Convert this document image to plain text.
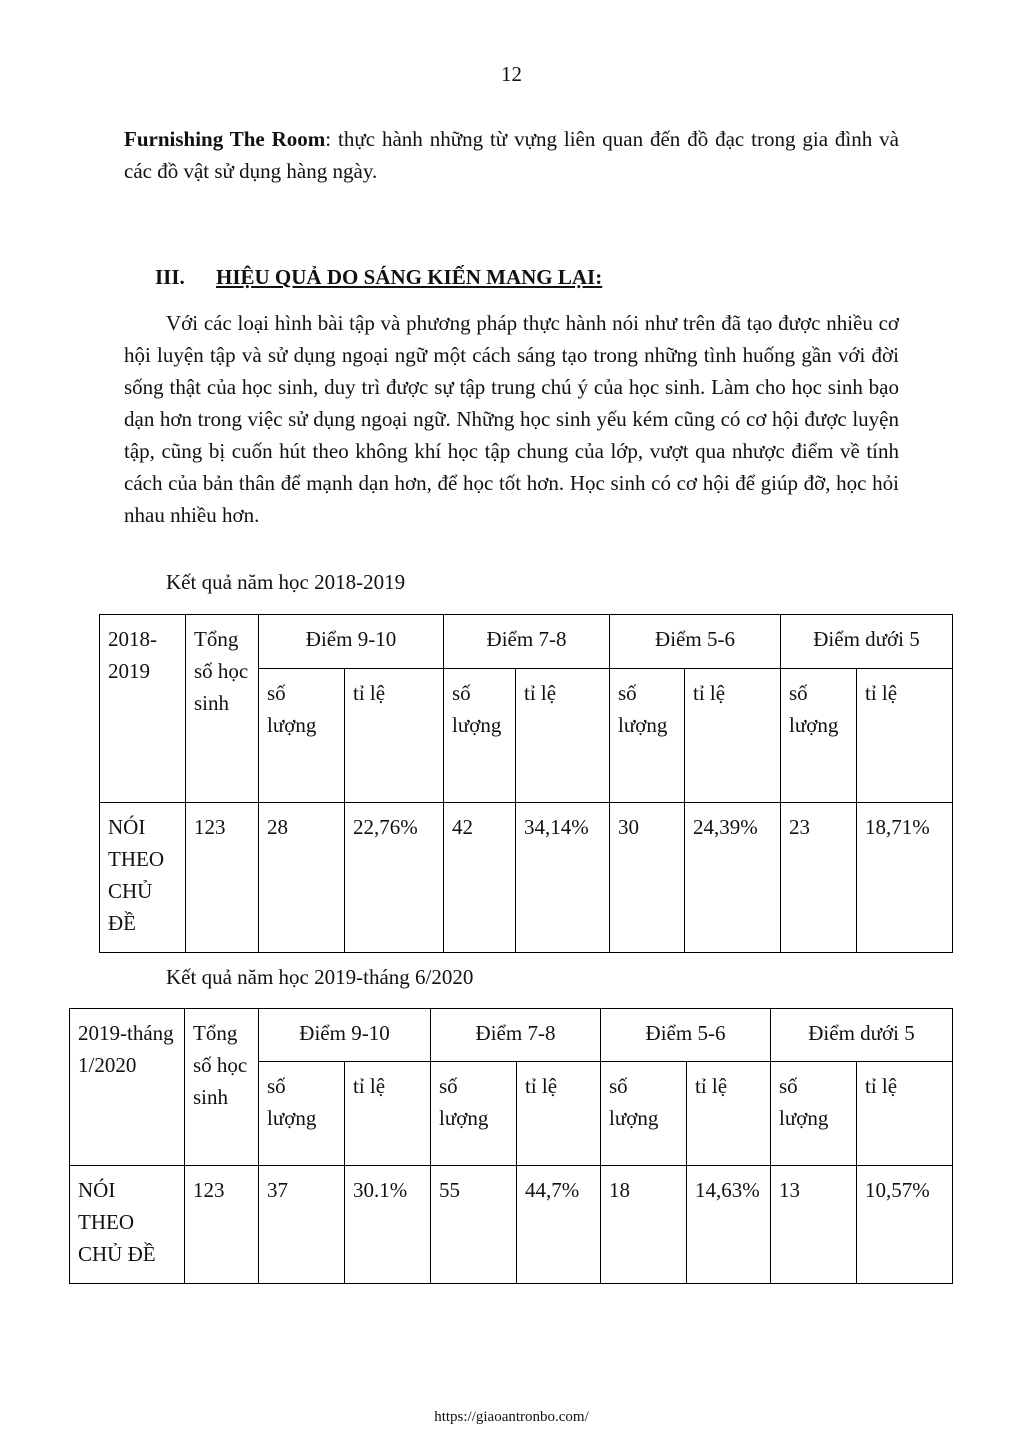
12

Furnishing The Room: thực hành những từ vựng liên quan đến đồ đạc trong gia đình và các đồ vật sử dụng hàng ngày.

III. HIỆU QUẢ DO SÁNG KIẾN MANG LẠI:

Với các loại hình bài tập và phương pháp thực hành nói như trên đã tạo được nhiều cơ hội luyện tập và sử dụng ngoại ngữ một cách sáng tạo trong những tình huống gần với đời sống thật của học sinh, duy trì được sự tập trung chú ý của học sinh. Làm cho học sinh bạo dạn hơn trong việc sử dụng ngoại ngữ. Những học sinh yếu kém cũng có cơ hội được luyện tập, cũng bị cuốn hút theo không khí học tập chung của lớp, vượt qua nhược điểm về tính cách của bản thân để mạnh dạn hơn, để học tốt hơn. Học sinh có cơ hội để giúp đỡ, học hỏi nhau nhiều hơn.

Kết quả năm học 2018-2019
2018-2019	Tổng số học sinh	Điểm 9-10		Điểm 7-8		Điểm 5-6		Điểm dưới 5	
		số lượng	tỉ lệ	số lượng	tỉ lệ	số lượng	tỉ lệ	số lượng	tỉ lệ
NÓI THEO CHỦ ĐỀ	123	28	22,76%	42	34,14%	30	24,39%	23	18,71%
Kết quả năm học 2019-tháng 6/2020
2019-tháng 1/2020	Tổng số học sinh	Điểm 9-10		Điểm 7-8		Điểm 5-6		Điểm dưới 5	
		số lượng	tỉ lệ	số lượng	tỉ lệ	số lượng	tỉ lệ	số lượng	tỉ lệ
NÓI THEO CHỦ ĐỀ	123	37	30.1%	55	44,7%	18	14,63%	13	10,57%
https://giaoantronbo.com/
